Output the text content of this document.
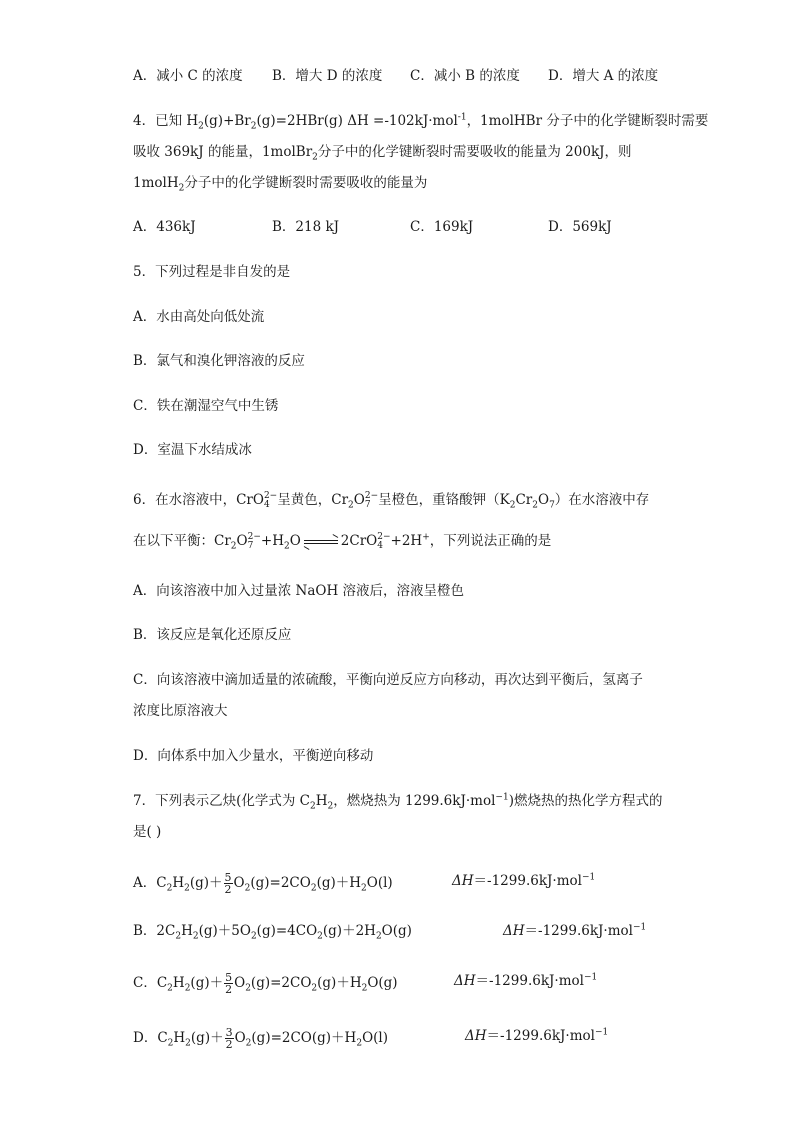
A．减小 C 的浓度 B．增大 D 的浓度 C．减小 B 的浓度 D．增大 A 的浓度
4．已知 $H_2(g)+Br_2(g)=2HBr(g)$ ΔH =-102kJ·mol$^{-1}$，1molHBr 分子中的化学键断裂时需要
吸收 369kJ 的能量，1molBr$_2$分子中的化学键断裂时需要吸收的能量为 200kJ，则
1molH$_2$分子中的化学键断裂时需要吸收的能量为
A．436kJ	B．218 kJ	C．169kJ	D．569kJ
5．下列过程是非自发的是
A．水由高处向低处流
B．氯气和溴化钾溶液的反应
C．铁在潮湿空气中生锈
D．室温下水结成冰
6．在水溶液中，CrO 2−
4 呈黄色，$Cr_2O$ 2−
7 呈橙色，重铬酸钾$(K_2Cr_2O_7)$在水溶液中存
在以下平衡：$Cr_2O$ 2−
$7 +H_2O$	2CrO 2−
4 +2H+，下列说法正确的是
A．向该溶液中加入过量浓 NaOH 溶液后，溶液呈橙色
B．该反应是氧化还原反应
C．向该溶液中滴加适量的浓硫酸，平衡向逆反应方向移动，再次达到平衡后，氢离子
浓度比原溶液大
D．向体系中加入少量水，平衡逆向移动
7．下列表示乙炔(化学式为 $C_2H_2$，燃烧热为 1299.6kJ·mol$^{-1}$)燃烧热的热化学方程式的
是( )
A．$C_2H_2(g)+ \frac{5}{2} O_2(g)=2CO_2(g)+H_2O(l)$	ΔH＝-1299.6kJ·mol$^{-1}$
B．$2C_2H_2(g)+5O_2(g)=4CO_2(g)+2H_2O(g)$	ΔH＝-1299.6kJ·mol$^{-1}$
C．$C_2H_2(g)+ \frac{5}{2} O_2(g)=2CO_2(g)+H_2O(g)$	ΔH＝-1299.6kJ·mol$^{-1}$
D．$C_2H_2(g)+ \frac{3}{2} O_2(g)=2CO(g)+H_2O(l)$	ΔH＝-1299.6kJ·mol$^{-1}$
